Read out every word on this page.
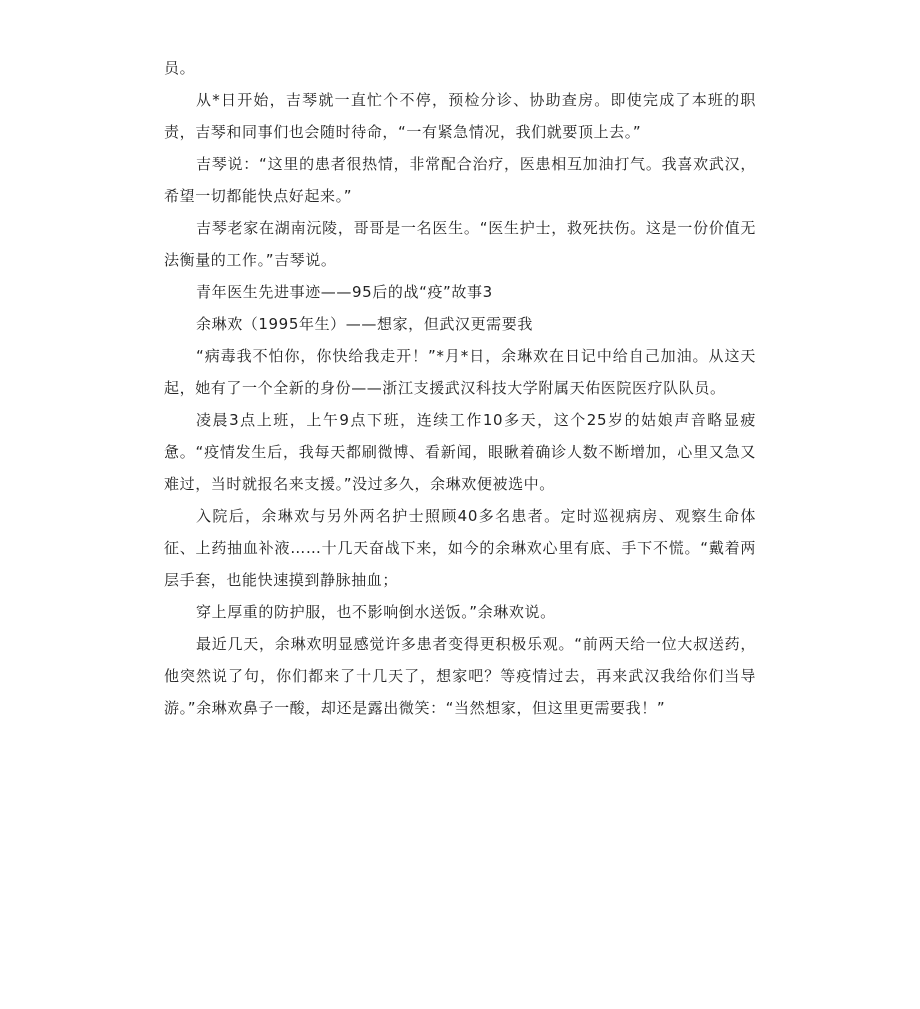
员。

从*日开始，吉琴就一直忙个不停，预检分诊、协助查房。即使完成了本班的职责，吉琴和同事们也会随时待命，“一有紧急情况，我们就要顶上去。”

吉琴说：“这里的患者很热情，非常配合治疗，医患相互加油打气。我喜欢武汉，希望一切都能快点好起来。”

吉琴老家在湖南沅陵，哥哥是一名医生。“医生护士，救死扶伤。这是一份价值无法衡量的工作。”吉琴说。

青年医生先进事迹——95后的战“疫”故事3

余琳欢（1995年生）——想家，但武汉更需要我

“病毒我不怕你，你快给我走开！”*月*日，余琳欢在日记中给自己加油。从这天起，她有了一个全新的身份——浙江支援武汉科技大学附属天佑医院医疗队队员。

凌晨3点上班，上午9点下班，连续工作10多天，这个25岁的姑娘声音略显疲惫。“疫情发生后，我每天都刷微博、看新闻，眼瞅着确诊人数不断增加，心里又急又难过，当时就报名来支援。”没过多久，余琳欢便被选中。

入院后，余琳欢与另外两名护士照顾40多名患者。定时巡视病房、观察生命体征、上药抽血补液……十几天奋战下来，如今的余琳欢心里有底、手下不慌。“戴着两层手套，也能快速摸到静脉抽血；

穿上厚重的防护服，也不影响倒水送饭。”余琳欢说。

最近几天，余琳欢明显感觉许多患者变得更积极乐观。“前两天给一位大叔送药，他突然说了句，你们都来了十几天了，想家吧？等疫情过去，再来武汉我给你们当导游。”余琳欢鼻子一酸，却还是露出微笑：“当然想家，但这里更需要我！”
